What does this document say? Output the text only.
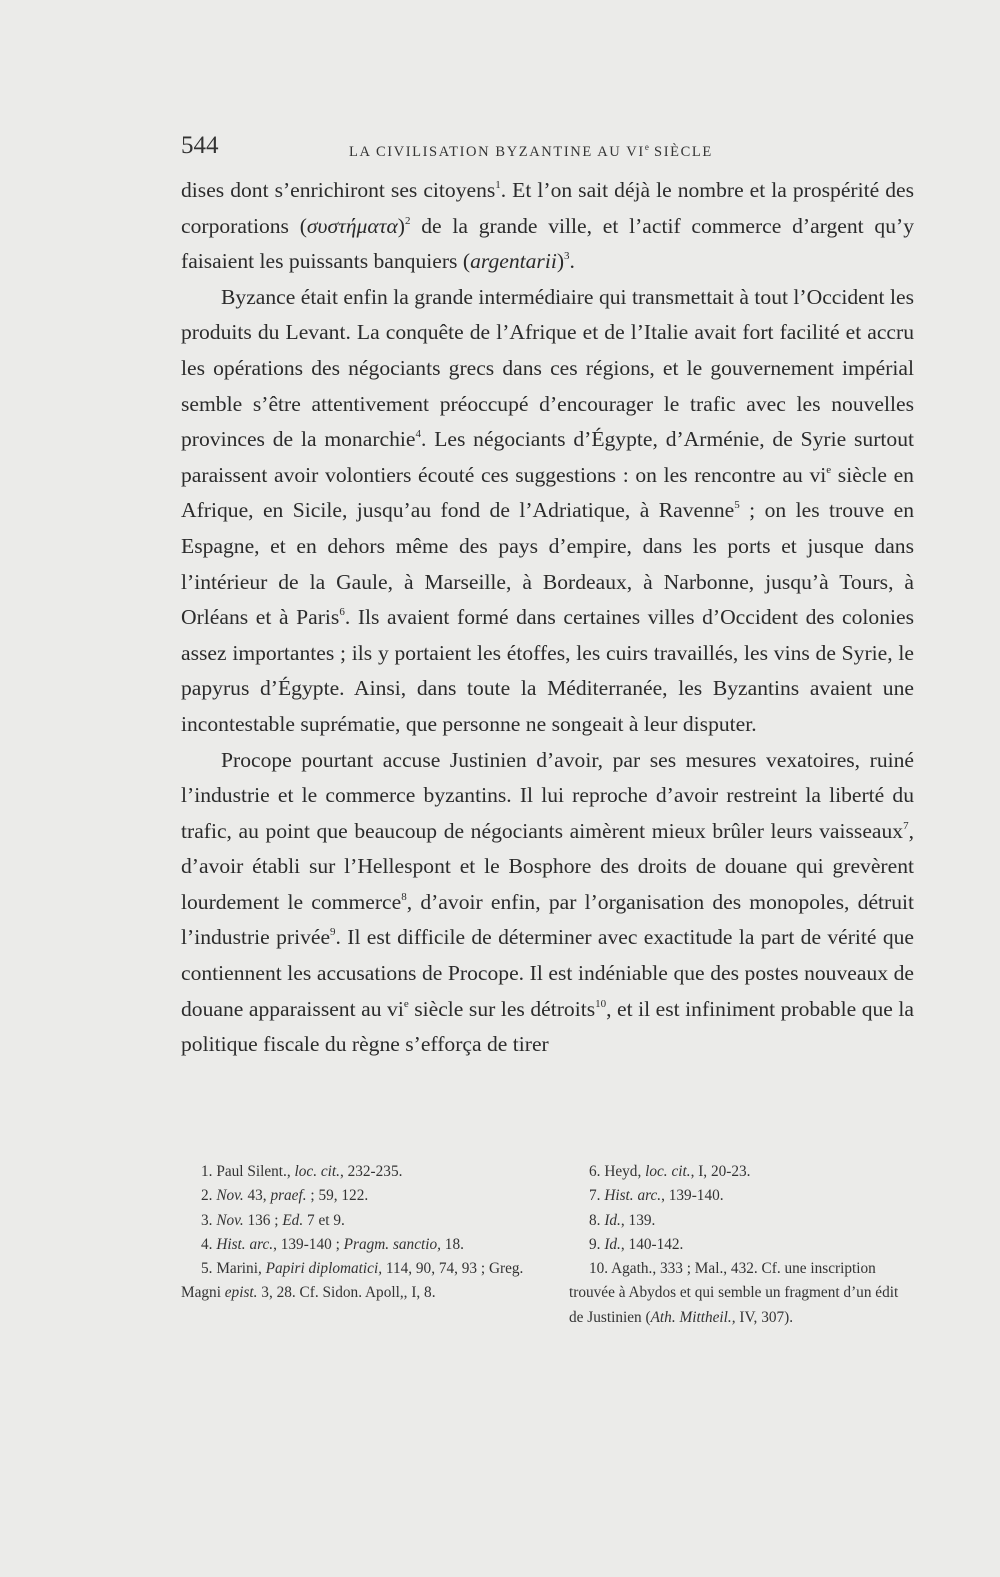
544	LA CIVILISATION BYZANTINE AU VIe SIÈCLE

dises dont s’enrichiront ses citoyens$^1$. Et l’on sait déjà le nombre et la prospérité des corporations (συστήματα)$^2$ de la grande ville, et l’actif commerce d’argent qu’y faisaient les puissants banquiers (argentarii)$^3$.

Byzance était enfin la grande intermédiaire qui transmettait à tout l’Occident les produits du Levant. La conquête de l’Afrique et de l’Italie avait fort facilité et accru les opérations des négociants grecs dans ces régions, et le gouvernement impérial semble s’être attentivement préoccupé d’encourager le trafic avec les nouvelles provinces de la monarchie$^4$. Les négociants d’Égypte, d’Arménie, de Syrie surtout paraissent avoir volontiers écouté ces suggestions : on les rencontre au vi$^e$ siècle en Afrique, en Sicile, jusqu’au fond de l’Adriatique, à Ravenne$^5$ ; on les trouve en Espagne, et en dehors même des pays d’empire, dans les ports et jusque dans l’intérieur de la Gaule, à Marseille, à Bordeaux, à Narbonne, jusqu’à Tours, à Orléans et à Paris$^6$. Ils avaient formé dans certaines villes d’Occident des colonies assez importantes ; ils y portaient les étoffes, les cuirs travaillés, les vins de Syrie, le papyrus d’Égypte. Ainsi, dans toute la Méditerranée, les Byzantins avaient une incontestable suprématie, que personne ne songeait à leur disputer.

Procope pourtant accuse Justinien d’avoir, par ses mesures vexatoires, ruiné l’industrie et le commerce byzantins. Il lui reproche d’avoir restreint la liberté du trafic, au point que beaucoup de négociants aimèrent mieux brûler leurs vaisseaux$^7$, d’avoir établi sur l’Hellespont et le Bosphore des droits de douane qui grevèrent lourdement le commerce$^8$, d’avoir enfin, par l’organisation des monopoles, détruit l’industrie privée$^9$. Il est difficile de déterminer avec exactitude la part de vérité que contiennent les accusations de Procope. Il est indéniable que des postes nouveaux de douane apparaissent au vi$^e$ siècle sur les détroits$^{10}$, et il est infiniment probable que la politique fiscale du règne s’efforça de tirer

1. Paul Silent., loc. cit., 232-235.

2. Nov. 43, praef. ; 59, 122.

3. Nov. 136 ; Ed. 7 et 9.

4. Hist. arc., 139-140 ; Pragm. sanctio, 18.

5. Marini, Papiri diplomatici, 114, 90, 74, 93 ; Greg. Magni epist. 3, 28. Cf. Sidon. Apoll,, I, 8.

6. Heyd, loc. cit., I, 20-23.

7. Hist. arc., 139-140.

8. Id., 139.

9. Id., 140-142.

10. Agath., 333 ; Mal., 432. Cf. une inscription trouvée à Abydos et qui semble un fragment d’un édit de Justinien (Ath. Mittheil., IV, 307).
